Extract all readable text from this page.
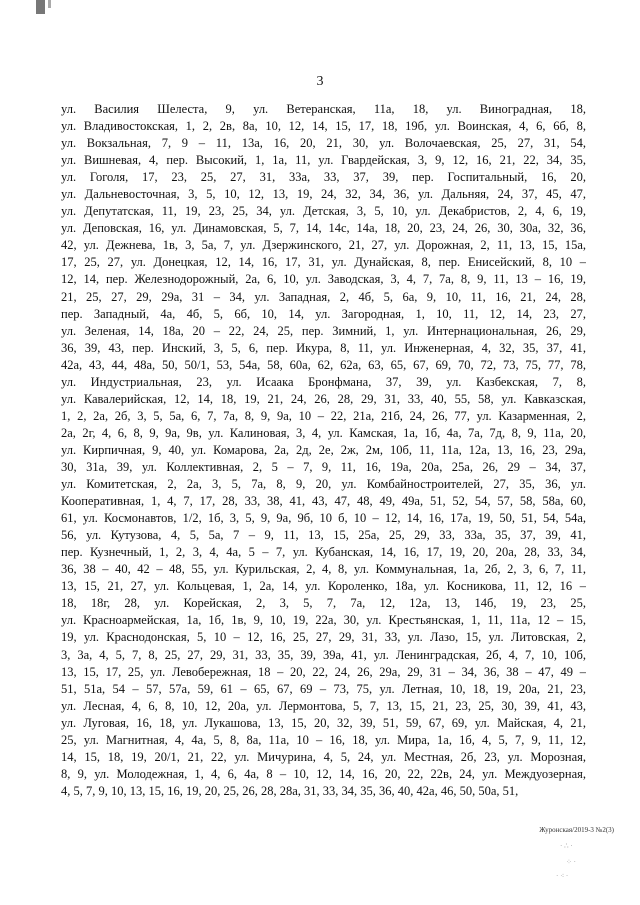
3
ул. Василия Шелеста, 9, ул. Ветеранская, 11а, 18, ул. Виноградная, 18,
ул. Владивостокская, 1, 2, 2в, 8а, 10, 12, 14, 15, 17, 18, 19б, ул. Воинская, 4, 6, 6б, 8,
ул. Вокзальная, 7, 9 – 11, 13а, 16, 20, 21, 30, ул. Волочаевская, 25, 27, 31, 54,
ул. Вишневая, 4, пер. Высокий, 1, 1а, 11, ул. Гвардейская, 3, 9, 12, 16, 21, 22, 34, 35,
ул. Гоголя, 17, 23, 25, 27, 31, 33а, 33, 37, 39, пер. Госпитальный, 16, 20,
ул. Дальневосточная, 3, 5, 10, 12, 13, 19, 24, 32, 34, 36, ул. Дальняя, 24, 37, 45, 47,
ул. Депутатская, 11, 19, 23, 25, 34, ул. Детская, 3, 5, 10, ул. Декабристов, 2, 4, 6, 19,
ул. Деповская, 16, ул. Динамовская, 5, 7, 14, 14с, 14а, 18, 20, 23, 24, 26, 30, 30а, 32, 36,
42, ул. Дежнева, 1в, 3, 5а, 7, ул. Дзержинского, 21, 27, ул. Дорожная, 2, 11, 13, 15, 15а,
17, 25, 27, ул. Донецкая, 12, 14, 16, 17, 31, ул. Дунайская, 8, пер. Енисейский, 8, 10 –
12, 14, пер. Железнодорожный, 2а, 6, 10, ул. Заводская, 3, 4, 7, 7а, 8, 9, 11, 13 – 16, 19,
21, 25, 27, 29, 29а, 31 – 34, ул. Западная, 2, 4б, 5, 6а, 9, 10, 11, 16, 21, 24, 28,
пер. Западный, 4а, 4б, 5, 6б, 10, 14, ул. Загородная, 1, 10, 11, 12, 14, 23, 27,
ул. Зеленая, 14, 18а, 20 – 22, 24, 25, пер. Зимний, 1, ул. Интернациональная, 26, 29,
36, 39, 43, пер. Инский, 3, 5, 6, пер. Икура, 8, 11, ул. Инженерная, 4, 32, 35, 37, 41,
42а, 43, 44, 48а, 50, 50/1, 53, 54а, 58, 60а, 62, 62а, 63, 65, 67, 69, 70, 72, 73, 75, 77, 78,
ул. Индустриальная, 23, ул. Исаака Бронфмана, 37, 39, ул. Казбекская, 7, 8,
ул. Кавалерийская, 12, 14, 18, 19, 21, 24, 26, 28, 29, 31, 33, 40, 55, 58, ул. Кавказская,
1, 2, 2а, 2б, 3, 5, 5а, 6, 7, 7а, 8, 9, 9а, 10 – 22, 21а, 21б, 24, 26, 77, ул. Казарменная, 2,
2а, 2г, 4, 6, 8, 9, 9а, 9в, ул. Калиновая, 3, 4, ул. Камская, 1а, 1б, 4а, 7а, 7д, 8, 9, 11а, 20,
ул. Кирпичная, 9, 40, ул. Комарова, 2а, 2д, 2е, 2ж, 2м, 10б, 11, 11а, 12а, 13, 16, 23, 29а,
30, 31а, 39, ул. Коллективная, 2, 5 – 7, 9, 11, 16, 19а, 20а, 25а, 26, 29 – 34, 37,
ул. Комитетская, 2, 2а, 3, 5, 7а, 8, 9, 20, ул. Комбайностроителей, 27, 35, 36, ул.
Кооперативная, 1, 4, 7, 17, 28, 33, 38, 41, 43, 47, 48, 49, 49а, 51, 52, 54, 57, 58, 58а, 60,
61, ул. Космонавтов, 1/2, 1б, 3, 5, 9, 9а, 9б, 10 б, 10 – 12, 14, 16, 17а, 19, 50, 51, 54, 54а,
56, ул. Кутузова, 4, 5, 5а, 7 – 9, 11, 13, 15, 25а, 25, 29, 33, 33а, 35, 37, 39, 41,
пер. Кузнечный, 1, 2, 3, 4, 4а, 5 – 7, ул. Кубанская, 14, 16, 17, 19, 20, 20а, 28, 33, 34,
36, 38 – 40, 42 – 48, 55, ул. Курильская, 2, 4, 8, ул. Коммунальная, 1а, 2б, 2, 3, 6, 7, 11,
13, 15, 21, 27, ул. Кольцевая, 1, 2а, 14, ул. Короленко, 18а, ул. Косникова, 11, 12, 16 –
18, 18г, 28, ул. Корейская, 2, 3, 5, 7, 7а, 12, 12а, 13, 14б, 19, 23, 25,
ул. Красноармейская, 1а, 1б, 1в, 9, 10, 19, 22а, 30, ул. Крестьянская, 1, 11, 11а, 12 – 15,
19, ул. Краснодонская, 5, 10 – 12, 16, 25, 27, 29, 31, 33, ул. Лазо, 15, ул. Литовская, 2,
3, 3а, 4, 5, 7, 8, 25, 27, 29, 31, 33, 35, 39, 39а, 41, ул. Ленинградская, 2б, 4, 7, 10, 10б,
13, 15, 17, 25, ул. Левобережная, 18 – 20, 22, 24, 26, 29а, 29, 31 – 34, 36, 38 – 47, 49 –
51, 51а, 54 – 57, 57а, 59, 61 – 65, 67, 69 – 73, 75, ул. Летная, 10, 18, 19, 20а, 21, 23,
ул. Лесная, 4, 6, 8, 10, 12, 20а, ул. Лермонтова, 5, 7, 13, 15, 21, 23, 25, 30, 39, 41, 43,
ул. Луговая, 16, 18, ул. Лукашова, 13, 15, 20, 32, 39, 51, 59, 67, 69, ул. Майская, 4, 21,
25, ул. Магнитная, 4, 4а, 5, 8, 8а, 11а, 10 – 16, 18, ул. Мира, 1а, 1б, 4, 5, 7, 9, 11, 12,
14, 15, 18, 19, 20/1, 21, 22, ул. Мичурина, 4, 5, 24, ул. Местная, 2б, 23, ул. Морозная,
8, 9, ул. Молодежная, 1, 4, 6, 4а, 8 – 10, 12, 14, 16, 20, 22, 22в, 24, ул. Междуозерная,
4, 5, 7, 9, 10, 13, 15, 16, 19, 20, 25, 26, 28, 28а, 31, 33, 34, 35, 36, 40, 42а, 46, 50, 50а, 51,
Журонская/2019-3 №2(3)
· ∴ ·
⁘ ·
· ⁖ ·
